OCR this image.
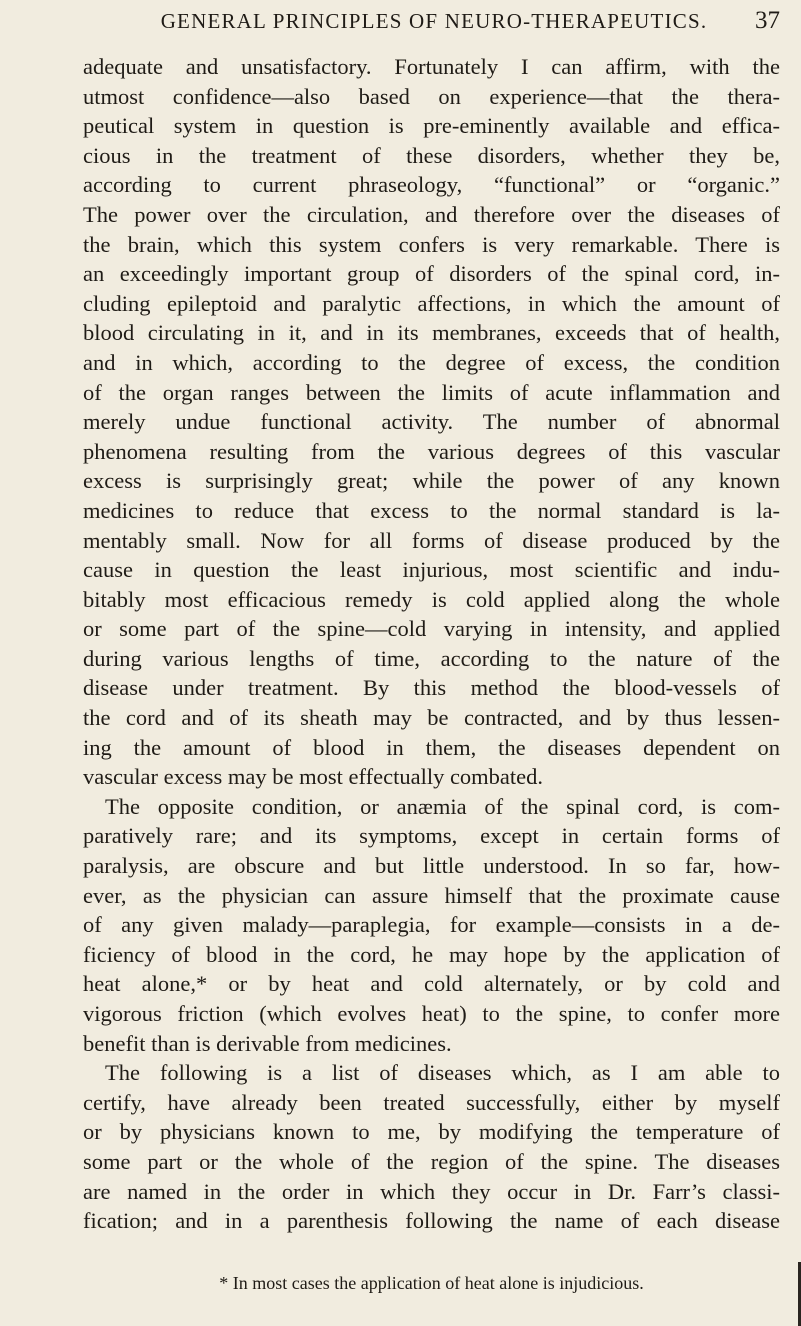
GENERAL PRINCIPLES OF NEURO-THERAPEUTICS.	37
adequate and unsatisfactory. Fortunately I can affirm, with the
utmost confidence—also based on experience—that the thera-
peutical system in question is pre-eminently available and effica-
cious in the treatment of these disorders, whether they be,
according to current phraseology, “functional” or “organic.”
The power over the circulation, and therefore over the diseases of
the brain, which this system confers is very remarkable. There is
an exceedingly important group of disorders of the spinal cord, in-
cluding epileptoid and paralytic affections, in which the amount of
blood circulating in it, and in its membranes, exceeds that of health,
and in which, according to the degree of excess, the condition
of the organ ranges between the limits of acute inflammation and
merely undue functional activity. The number of abnormal
phenomena resulting from the various degrees of this vascular
excess is surprisingly great; while the power of any known
medicines to reduce that excess to the normal standard is la-
mentably small. Now for all forms of disease produced by the
cause in question the least injurious, most scientific and indu-
bitably most efficacious remedy is cold applied along the whole
or some part of the spine—cold varying in intensity, and applied
during various lengths of time, according to the nature of the
disease under treatment. By this method the blood-vessels of
the cord and of its sheath may be contracted, and by thus lessen-
ing the amount of blood in them, the diseases dependent on
vascular excess may be most effectually combated.
The opposite condition, or anæmia of the spinal cord, is com-
paratively rare; and its symptoms, except in certain forms of
paralysis, are obscure and but little understood. In so far, how-
ever, as the physician can assure himself that the proximate cause
of any given malady—paraplegia, for example—consists in a de-
ficiency of blood in the cord, he may hope by the application of
heat alone,* or by heat and cold alternately, or by cold and
vigorous friction (which evolves heat) to the spine, to confer more
benefit than is derivable from medicines.
The following is a list of diseases which, as I am able to
certify, have already been treated successfully, either by myself
or by physicians known to me, by modifying the temperature of
some part or the whole of the region of the spine. The diseases
are named in the order in which they occur in Dr. Farr’s classi-
fication; and in a parenthesis following the name of each disease
* In most cases the application of heat alone is injudicious.
